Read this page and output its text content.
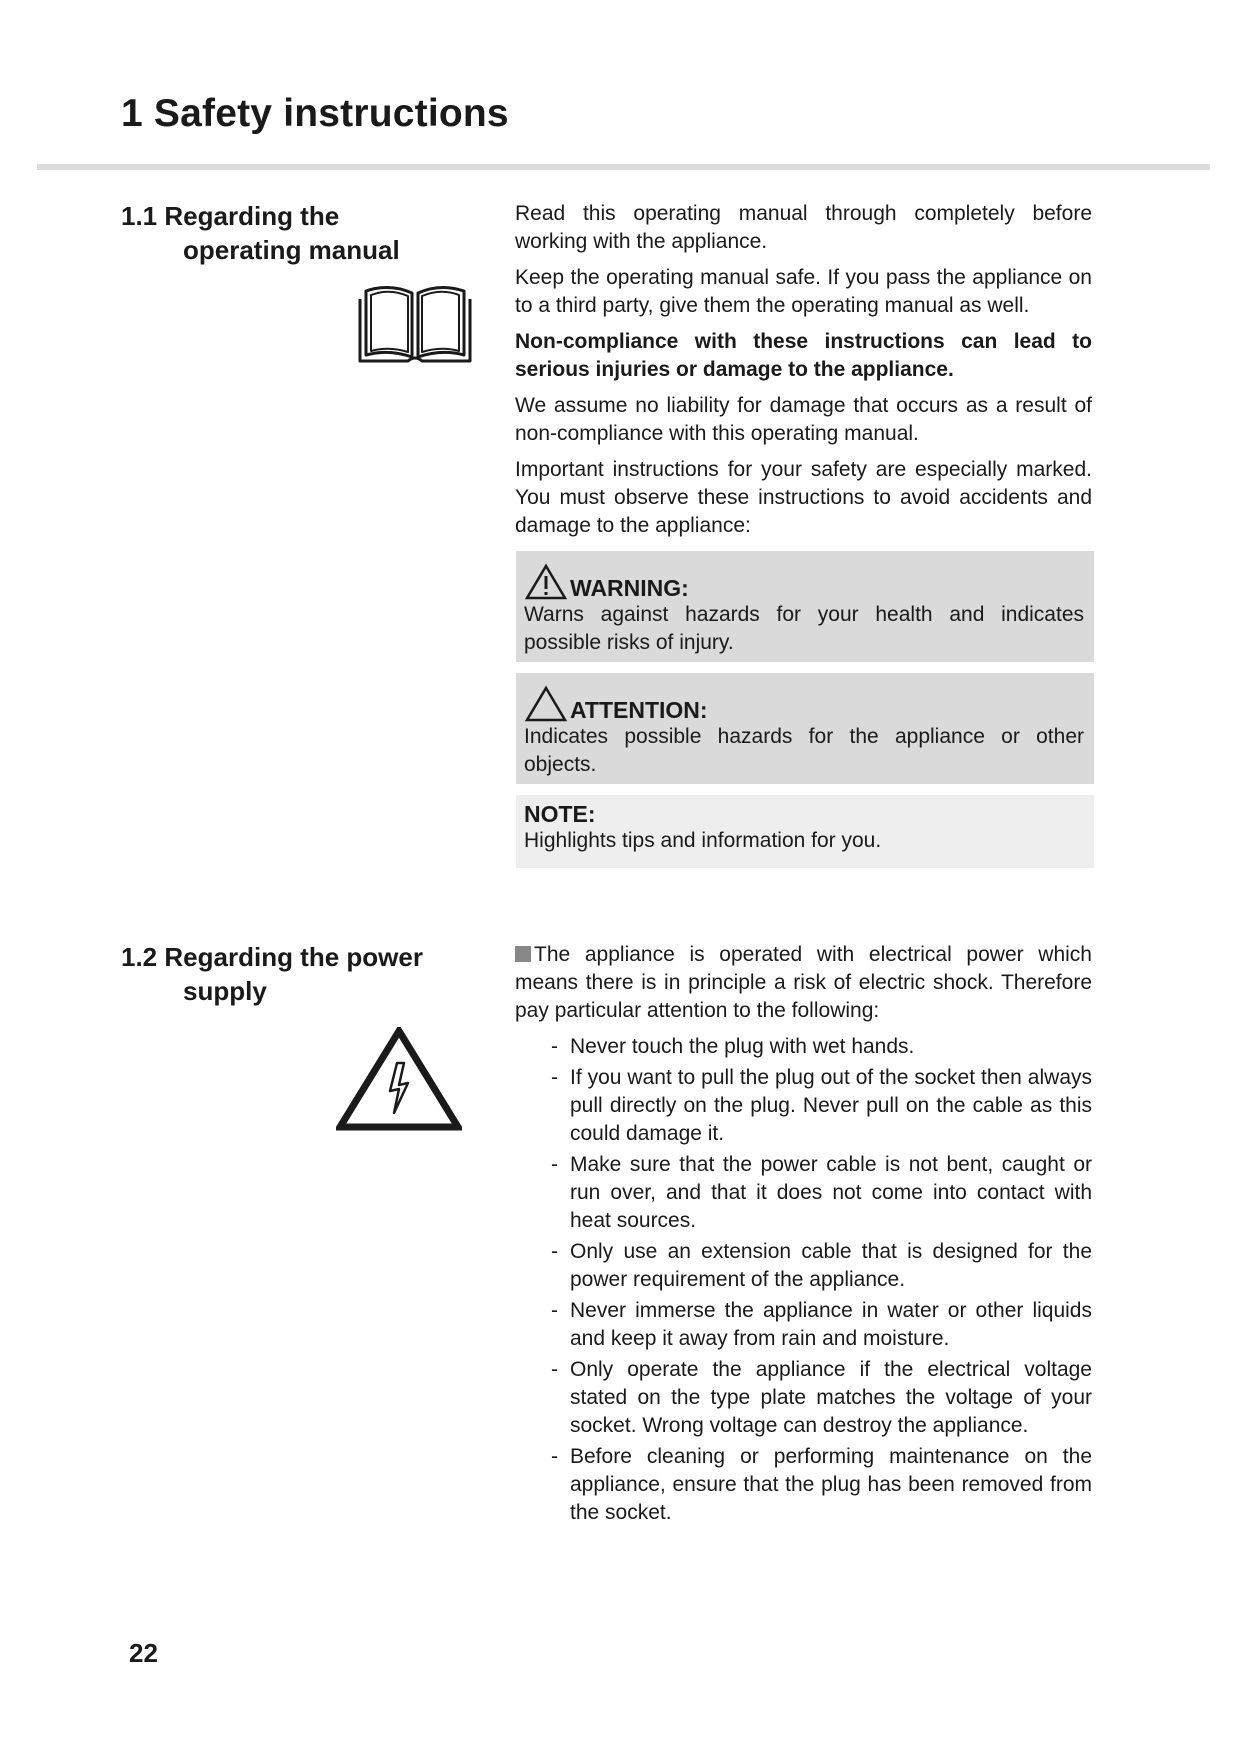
1 Safety instructions
1.1 Regarding the
operating manual

Read this operating manual through completely before working with the appliance.

Keep the operating manual safe. If you pass the appliance on to a third party, give them the operating manual as well.

Non-compliance with these instructions can lead to serious injuries or damage to the appliance.

We assume no liability for damage that occurs as a result of non-compliance with this operating manual.

Important instructions for your safety are especially marked. You must observe these instructions to avoid accidents and damage to the appliance:

WARNING:

Warns against hazards for your health and indicates possible risks of injury.

ATTENTION:

Indicates possible hazards for the appliance or other objects.

NOTE:

Highlights tips and information for you.

1.2 Regarding the power
supply

The appliance is operated with electrical power which means there is in principle a risk of electric shock. Therefore pay particular attention to the following:

- Never touch the plug with wet hands.
- If you want to pull the plug out of the socket then always pull directly on the plug. Never pull on the cable as this could damage it.
- Make sure that the power cable is not bent, caught or run over, and that it does not come into contact with heat sources.
- Only use an extension cable that is designed for the power requirement of the appliance.
- Never immerse the appliance in water or other liquids and keep it away from rain and moisture.
- Only operate the appliance if the electrical voltage stated on the type plate matches the voltage of your socket. Wrong voltage can destroy the appliance.
- Before cleaning or performing maintenance on the appliance, ensure that the plug has been removed from the socket.
22
